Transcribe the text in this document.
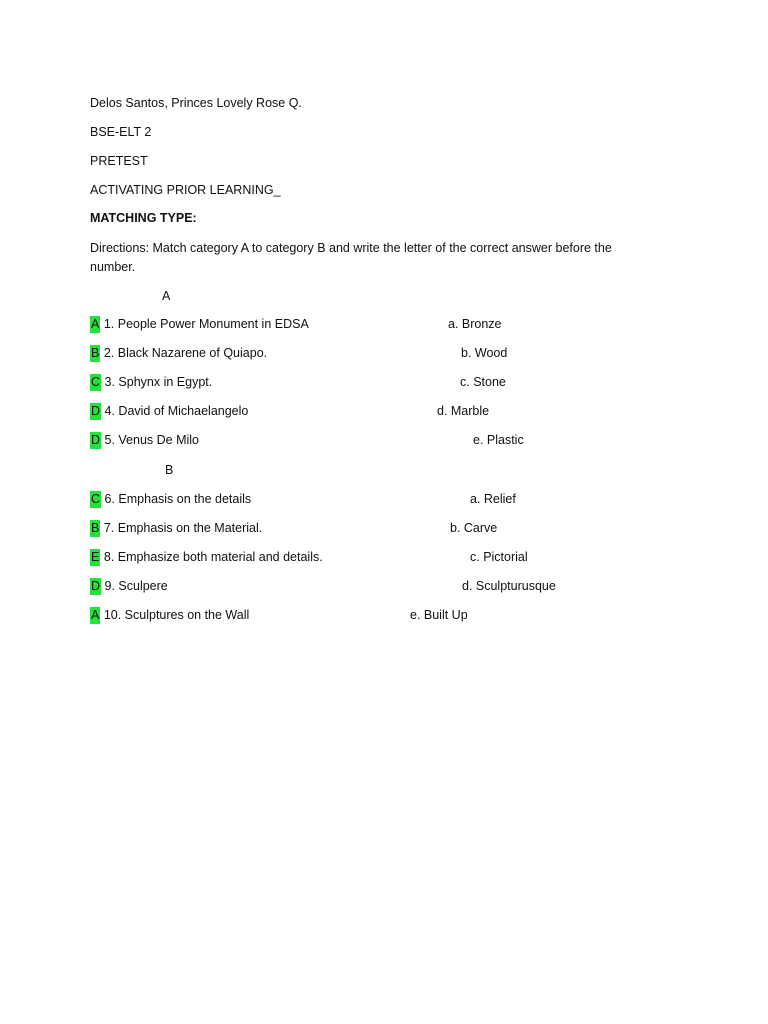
Delos Santos, Princes Lovely Rose Q.
BSE-ELT 2
PRETEST
ACTIVATING PRIOR LEARNING_
MATCHING TYPE:
Directions: Match category A to category B and write the letter of the correct answer before the number.
A
A 1. People Power Monument in EDSA	a. Bronze
B 2. Black Nazarene of Quiapo.	b. Wood
C 3. Sphynx in Egypt.	c. Stone
D 4. David of Michaelangelo	d. Marble
D 5. Venus De Milo	e. Plastic
B
C 6. Emphasis on the details	a. Relief
B 7. Emphasis on the Material.	b. Carve
E 8. Emphasize both material and details.	c. Pictorial
D 9. Sculpere	d. Sculpturusque
A 10. Sculptures on the Wall	e. Built Up
